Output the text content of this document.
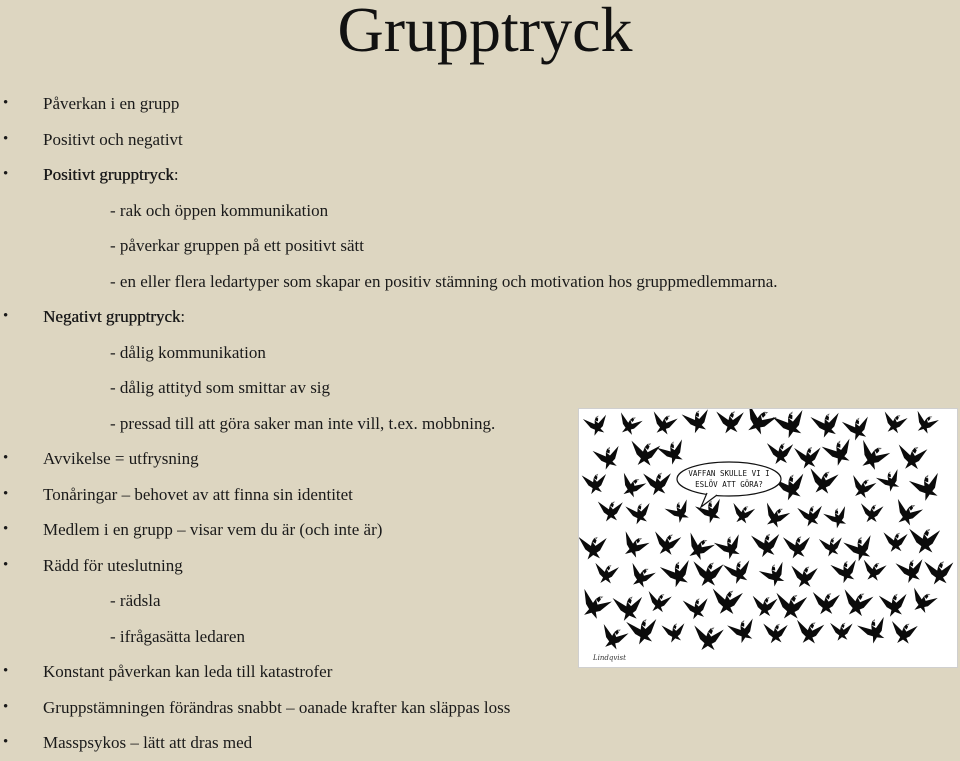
Grupptryck
• Påverkan i en grupp
• Positivt och negativt
• Positivt grupptryck:
- rak och öppen kommunikation
- påverkar gruppen på ett positivt sätt
- en eller flera ledartyper som skapar en positiv stämning och motivation hos gruppmedlemmarna.
• Negativt grupptryck:
- dålig kommunikation
- dålig attityd som smittar av sig
- pressad till att göra saker man inte vill, t.ex. mobbning.
• Avvikelse = utfrysning
• Tonåringar – behovet av att finna sin identitet
• Medlem i en grupp – visar vem du är (och inte är)
• Rädd för uteslutning
- rädsla
- ifrågasätta ledaren
• Konstant påverkan kan leda till katastrofer
• Gruppstämningen förändras snabbt – oanade krafter kan släppas loss
• Masspsykos – lätt att dras med
VAFFAN SKULLE VI I
ESLÖV ATT GÖRA?
Lindqvist
